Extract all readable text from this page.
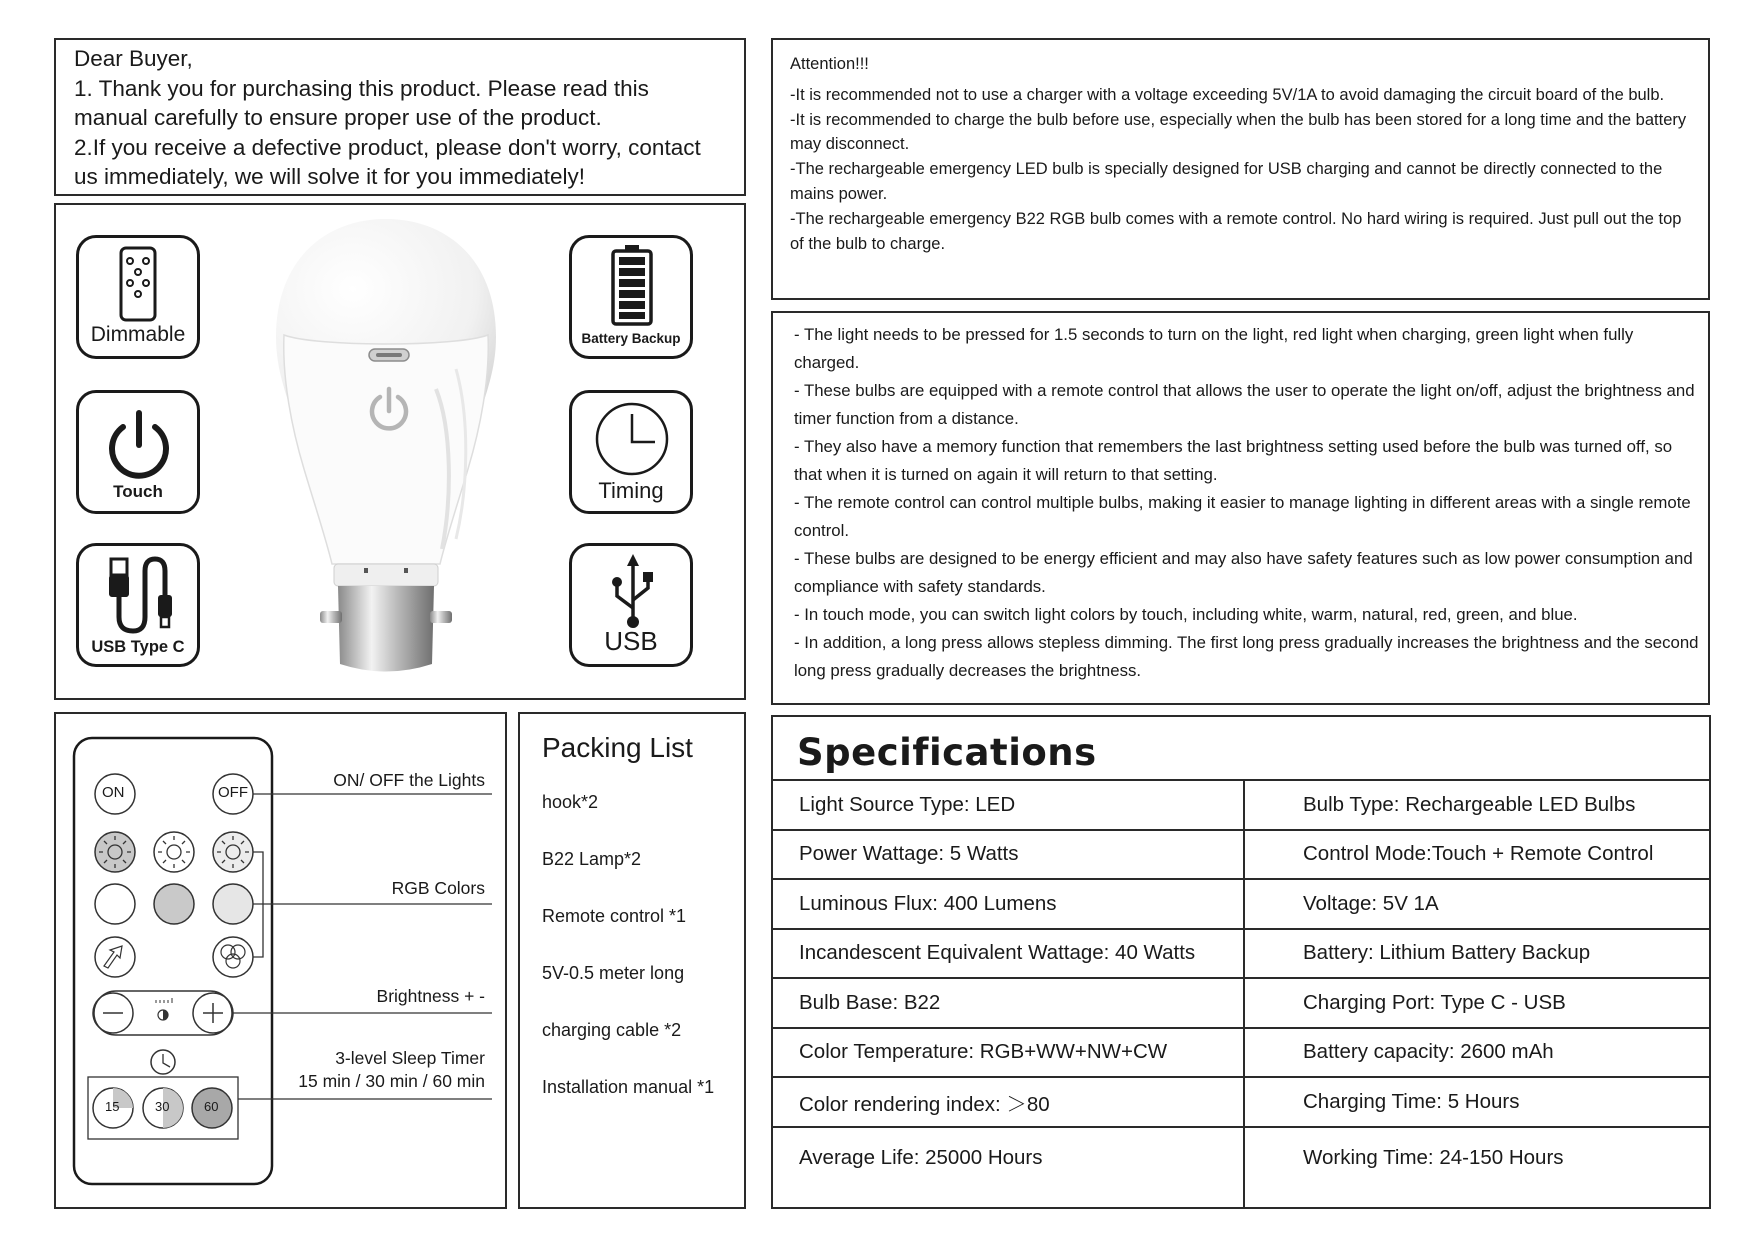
Dear Buyer,

1. Thank you for purchasing this product. Please read this manual carefully to ensure proper use of the product.

2.If you receive a defective product, please don't worry, contact us immediately, we will solve it for you immediately!

Dimmable
Touch
USB Type C
Battery Backup
Timing
USB

Attention!!!

-It is recommended not to use a charger with a voltage exceeding 5V/1A to avoid damaging the circuit board of the bulb.

-It is recommended to charge the bulb before use, especially when the bulb has been stored for a long time and the battery may disconnect.

-The rechargeable emergency LED bulb is specially designed for USB charging and cannot be directly connected to the mains power.

-The rechargeable emergency B22 RGB bulb comes with a remote control. No hard wiring is required. Just pull out the top of the bulb to charge.

- The light needs to be pressed for 1.5 seconds to turn on the light, red light when charging, green light when fully charged.

- These bulbs are equipped with a remote control that allows the user to operate the light on/off, adjust the brightness and timer function from a distance.

- They also have a memory function that remembers the last brightness setting used before the bulb was turned off, so that when it is turned on again it will return to that setting.

- The remote control can control multiple bulbs, making it easier to manage lighting in different areas with a single remote control.

- These bulbs are designed to be energy efficient and may also have safety features such as low power consumption and compliance with safety standards.

- In touch mode, you can switch light colors by touch, including white, warm, natural, red, green, and blue.

- In addition, a long press allows stepless dimming. The first long press gradually increases the brightness and the second long press gradually decreases the brightness.

ON	OFF
15	30	60
ON/ OFF the Lights
RGB Colors
Brightness + -
3-level Sleep Timer
15 min / 30 min / 60 min
Packing List
hook*2
B22 Lamp*2
Remote control *1
5V-0.5 meter long
charging cable *2
Installation manual *1
Specifications
Light Source Type: LED	Bulb Type: Rechargeable LED Bulbs
Power Wattage: 5 Watts	Control Mode:Touch + Remote Control
Luminous Flux: 400 Lumens	Voltage: 5V 1A
Incandescent Equivalent Wattage: 40 Watts	Battery: Lithium Battery Backup
Bulb Base: B22	Charging Port: Type C - USB
Color Temperature: RGB+WW+NW+CW	Battery capacity: 2600 mAh
Color rendering index: ＞80	Charging Time: 5 Hours
Average Life: 25000 Hours	Working Time: 24-150 Hours
